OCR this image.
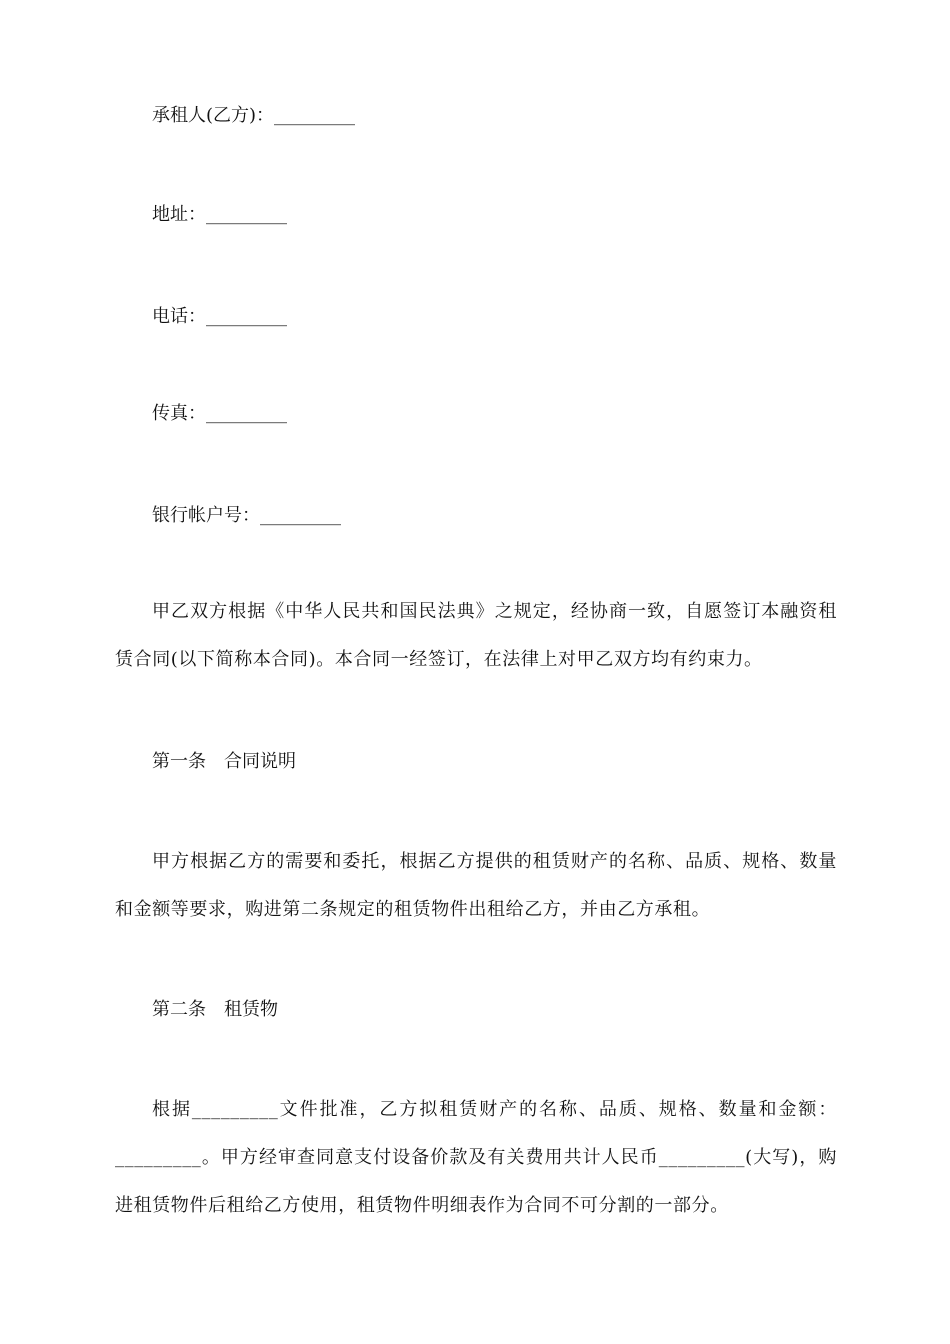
承租人(乙方)：_________
地址：_________
电话：_________
传真：_________
银行帐户号：_________
甲乙双方根据《中华人民共和国民法典》之规定，经协商一致，自愿签订本融资租赁合同(以下简称本合同)。本合同一经签订，在法律上对甲乙双方均有约束力。
第一条　合同说明
甲方根据乙方的需要和委托，根据乙方提供的租赁财产的名称、品质、规格、数量和金额等要求，购进第二条规定的租赁物件出租给乙方，并由乙方承租。
第二条　租赁物
根据_________文件批准，乙方拟租赁财产的名称、品质、规格、数量和金额：_________。甲方经审查同意支付设备价款及有关费用共计人民币_________(大写)，购进租赁物件后租给乙方使用，租赁物件明细表作为合同不可分割的一部分。
